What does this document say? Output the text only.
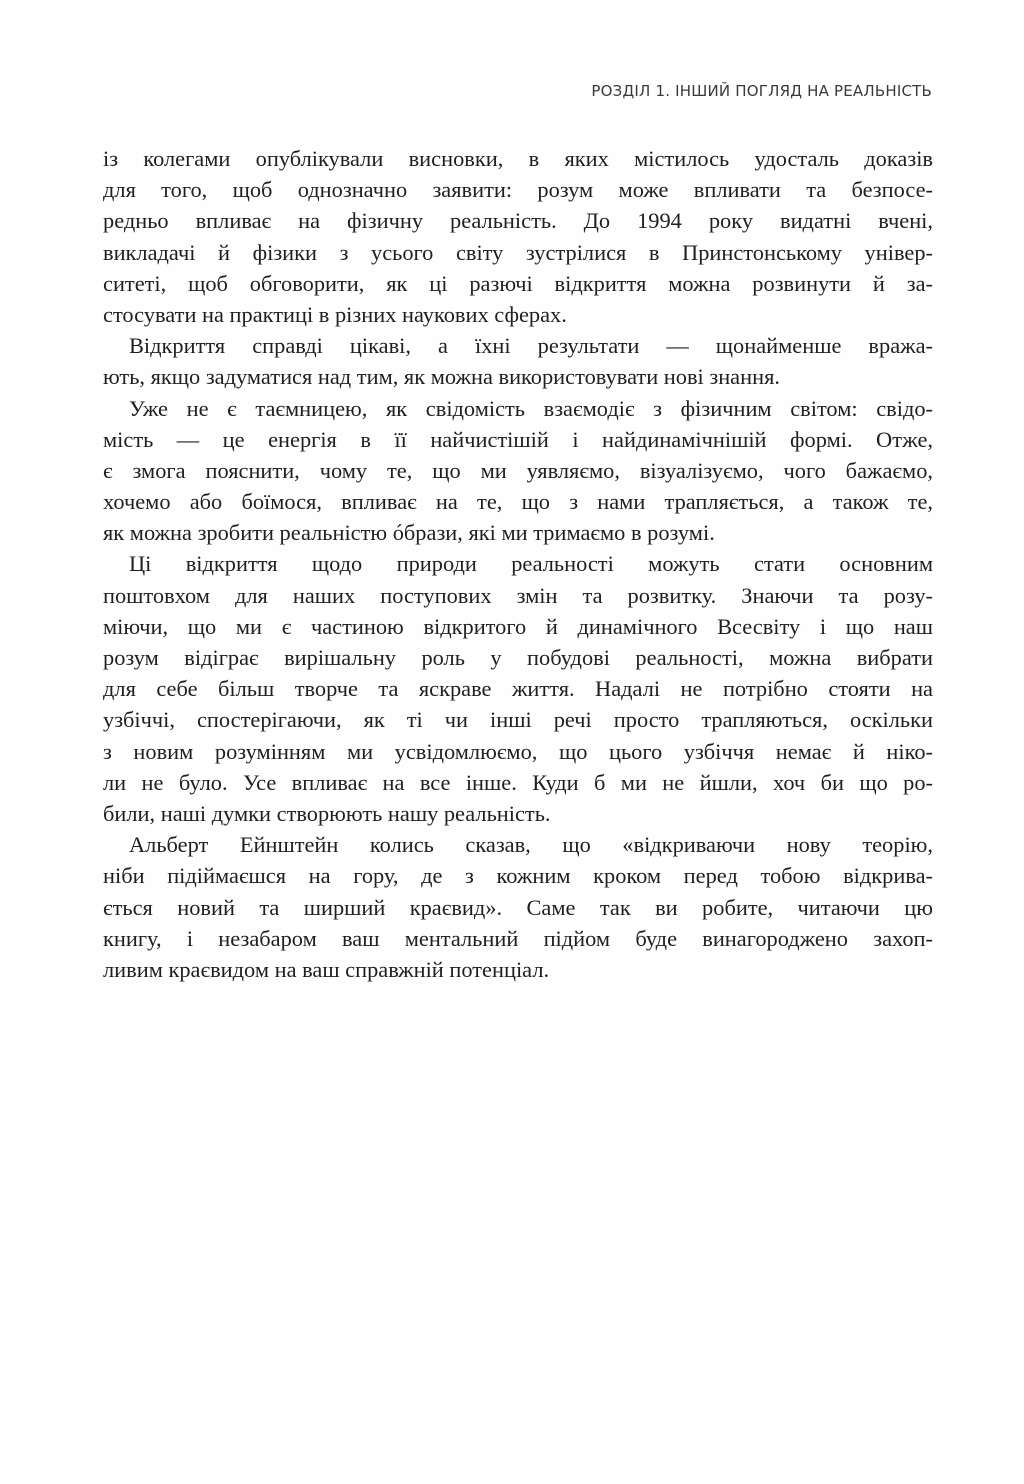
РОЗДІЛ 1. ІНШИЙ ПОГЛЯД НА РЕАЛЬНІСТЬ
із колегами опублікували висновки, в яких містилось удосталь доказів
для того, щоб однозначно заявити: розум може впливати та безпосе-
редньо впливає на фізичну реальність. До 1994 року видатні вчені,
викладачі й фізики з усього світу зустрілися в Принстонському універ-
ситеті, щоб обговорити, як ці разючі відкриття можна розвинути й за-
стосувати на практиці в різних наукових сферах.
Відкриття справді цікаві, а їхні результати — щонайменше вража-
ють, якщо задуматися над тим, як можна використовувати нові знання.
Уже не є таємницею, як свідомість взаємодіє з фізичним світом: свідо-
мість — це енергія в її найчистішій і найдинамічнішій формі. Отже,
є змога пояснити, чому те, що ми уявляємо, візуалізуємо, чого бажаємо,
хочемо або боїмося, впливає на те, що з нами трапляється, а також те,
як можна зробити реальністю óбрази, які ми тримаємо в розумі.
Ці відкриття щодо природи реальності можуть стати основним
поштовхом для наших поступових змін та розвитку. Знаючи та розу-
міючи, що ми є частиною відкритого й динамічного Всесвіту і що наш
розум відіграє вирішальну роль у побудові реальності, можна вибрати
для себе більш творче та яскраве життя. Надалі не потрібно стояти на
узбіччі, спостерігаючи, як ті чи інші речі просто трапляються, оскільки
з новим розумінням ми усвідомлюємо, що цього узбіччя немає й ніко-
ли не було. Усе впливає на все інше. Куди б ми не йшли, хоч би що ро-
били, наші думки створюють нашу реальність.
Альберт Ейнштейн колись сказав, що «відкриваючи нову теорію,
ніби підіймаєшся на гору, де з кожним кроком перед тобою відкрива-
ється новий та ширший краєвид». Саме так ви робите, читаючи цю
книгу, і незабаром ваш ментальний підйом буде винагороджено захоп-
ливим краєвидом на ваш справжній потенціал.
